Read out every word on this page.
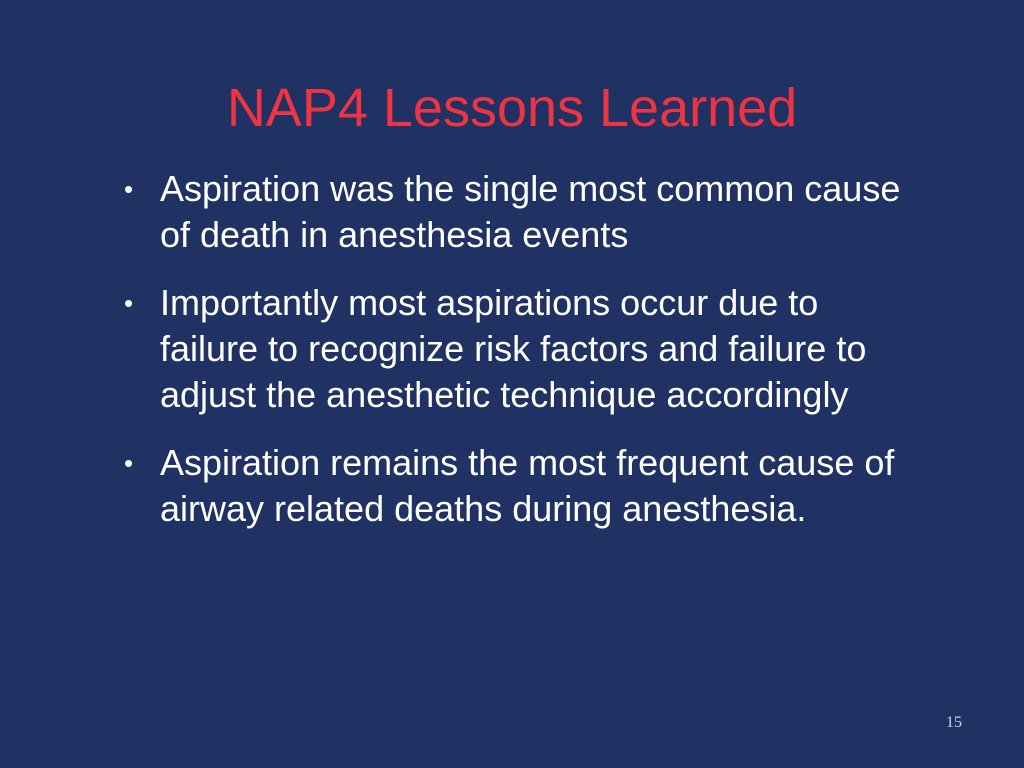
NAP4 Lessons Learned
• Aspiration was the single most common cause of death in anesthesia events
• Importantly most aspirations occur due to failure to recognize risk factors and failure to adjust the anesthetic technique accordingly
• Aspiration remains the most frequent cause of airway related deaths during anesthesia.
15
